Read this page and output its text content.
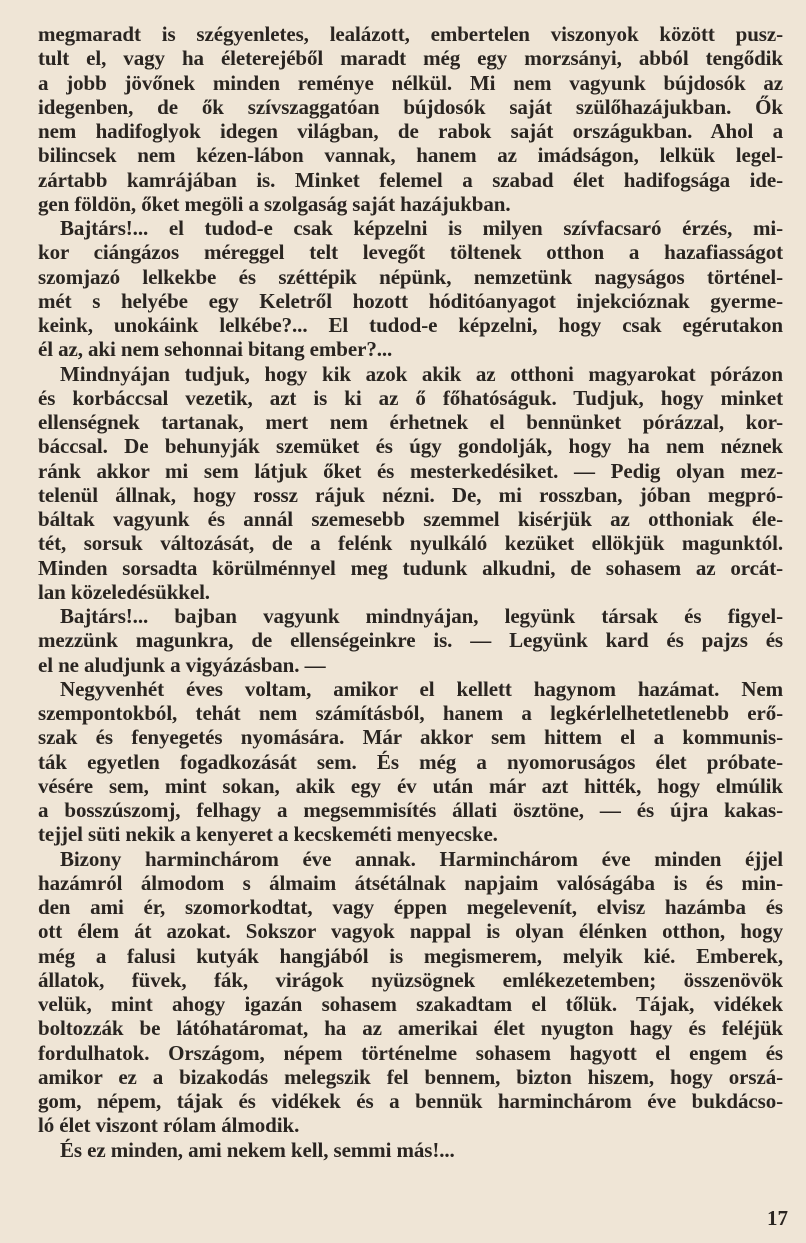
megmaradt is szégyenletes, lealázott, embertelen viszonyok között pusz-
tult el, vagy ha életerejéből maradt még egy morzsányi, abból tengődik
a jobb jövőnek minden reménye nélkül. Mi nem vagyunk bújdosók az
idegenben, de ők szívszaggatóan bújdosók saját szülőhazájukban. Ők
nem hadifoglyok idegen világban, de rabok saját országukban. Ahol a
bilincsek nem kézen-lábon vannak, hanem az imádságon, lelkük legel-
zártabb kamrájában is. Minket felemel a szabad élet hadifogsága ide-
gen földön, őket megöli a szolgaság saját hazájukban.
Bajtárs!... el tudod-e csak képzelni is milyen szívfacsaró érzés, mi-
kor ciángázos méreggel telt levegőt töltenek otthon a hazafiasságot
szomjazó lelkekbe és széttépik népünk, nemzetünk nagyságos történel-
mét s helyébe egy Keletről hozott hóditóanyagot injekcióznak gyerme-
keink, unokáink lelkébe?... El tudod-e képzelni, hogy csak egérutakon
él az, aki nem sehonnai bitang ember?...
Mindnyájan tudjuk, hogy kik azok akik az otthoni magyarokat pórázon
és korbáccsal vezetik, azt is ki az ő főhatóságuk. Tudjuk, hogy minket
ellenségnek tartanak, mert nem érhetnek el bennünket pórázzal, kor-
báccsal. De behunyják szemüket és úgy gondolják, hogy ha nem néznek
ránk akkor mi sem látjuk őket és mesterkedésiket. — Pedig olyan mez-
telenül állnak, hogy rossz rájuk nézni. De, mi rosszban, jóban megpró-
báltak vagyunk és annál szemesebb szemmel kisérjük az otthoniak éle-
tét, sorsuk változását, de a felénk nyulkáló kezüket ellökjük magunktól.
Minden sorsadta körülménnyel meg tudunk alkudni, de sohasem az orcát-
lan közeledésükkel.
Bajtárs!... bajban vagyunk mindnyájan, legyünk társak és figyel-
mezzünk magunkra, de ellenségeinkre is. — Legyünk kard és pajzs és
el ne aludjunk a vigyázásban. —
Negyvenhét éves voltam, amikor el kellett hagynom hazámat. Nem
szempontokból, tehát nem számításból, hanem a legkérlelhetetlenebb erő-
szak és fenyegetés nyomására. Már akkor sem hittem el a kommunis-
ták egyetlen fogadkozását sem. És még a nyomoruságos élet próbate-
vésére sem, mint sokan, akik egy év után már azt hitték, hogy elmúlik
a bosszúszomj, felhagy a megsemmisítés állati ösztöne, — és újra kakas-
tejjel süti nekik a kenyeret a kecskeméti menyecske.
Bizony harminchárom éve annak. Harminchárom éve minden éjjel
hazámról álmodom s álmaim átsétálnak napjaim valóságába is és min-
den ami ér, szomorkodtat, vagy éppen megelevenít, elvisz hazámba és
ott élem át azokat. Sokszor vagyok nappal is olyan élénken otthon, hogy
még a falusi kutyák hangjából is megismerem, melyik kié. Emberek,
állatok, füvek, fák, virágok nyüzsögnek emlékezetemben; összenövök
velük, mint ahogy igazán sohasem szakadtam el tőlük. Tájak, vidékek
boltozzák be látóhatáromat, ha az amerikai élet nyugton hagy és feléjük
fordulhatok. Országom, népem történelme sohasem hagyott el engem és
amikor ez a bizakodás melegszik fel bennem, bizton hiszem, hogy orszá-
gom, népem, tájak és vidékek és a bennük harminchárom éve bukdácso-
ló élet viszont rólam álmodik.
És ez minden, ami nekem kell, semmi más!...
17
